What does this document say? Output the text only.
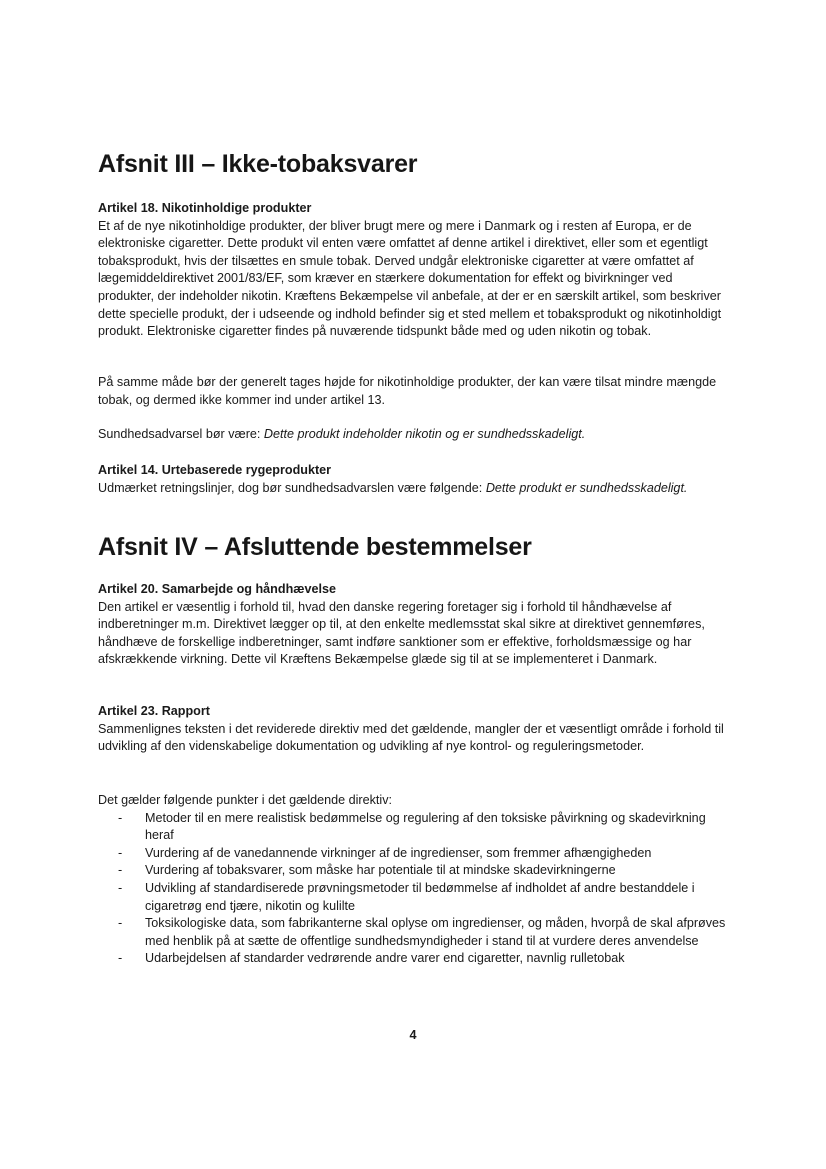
Afsnit III – Ikke-tobaksvarer
Artikel 18. Nikotinholdige produkter

Et af de nye nikotinholdige produkter, der bliver brugt mere og mere i Danmark og i resten af Europa, er de elektroniske cigaretter. Dette produkt vil enten være omfattet af denne artikel i direktivet, eller som et egentligt tobaksprodukt, hvis der tilsættes en smule tobak. Derved undgår elektroniske cigaretter at være omfattet af lægemiddeldirektivet 2001/83/EF, som kræver en stærkere dokumentation for effekt og bivirkninger ved produkter, der indeholder nikotin. Kræftens Bekæmpelse vil anbefale, at der er en særskilt artikel, som beskriver dette specielle produkt, der i udseende og indhold befinder sig et sted mellem et tobaksprodukt og nikotinholdigt produkt. Elektroniske cigaretter findes på nuværende tidspunkt både med og uden nikotin og tobak.

På samme måde bør der generelt tages højde for nikotinholdige produkter, der kan være tilsat mindre mængde tobak, og dermed ikke kommer ind under artikel 13.

Sundhedsadvarsel bør være: Dette produkt indeholder nikotin og er sundhedsskadeligt.

Artikel 14. Urtebaserede rygeprodukter

Udmærket retningslinjer, dog bør sundhedsadvarslen være følgende: Dette produkt er sundhedsskadeligt.

Afsnit IV – Afsluttende bestemmelser
Artikel 20. Samarbejde og håndhævelse

Den artikel er væsentlig i forhold til, hvad den danske regering foretager sig i forhold til håndhævelse af indberetninger m.m. Direktivet lægger op til, at den enkelte medlemsstat skal sikre at direktivet gennemføres, håndhæve de forskellige indberetninger, samt indføre sanktioner som er effektive, forholdsmæssige og har afskrækkende virkning. Dette vil Kræftens Bekæmpelse glæde sig til at se implementeret i Danmark.

Artikel 23. Rapport

Sammenlignes teksten i det reviderede direktiv med det gældende, mangler der et væsentligt område i forhold til udvikling af den videnskabelige dokumentation og udvikling af nye kontrol- og reguleringsmetoder.

Det gælder følgende punkter i det gældende direktiv:

- Metoder til en mere realistisk bedømmelse og regulering af den toksiske påvirkning og skadevirkning heraf
- Vurdering af de vanedannende virkninger af de ingredienser, som fremmer afhængigheden
- Vurdering af tobaksvarer, som måske har potentiale til at mindske skadevirkningerne
- Udvikling af standardiserede prøvningsmetoder til bedømmelse af indholdet af andre bestanddele i cigaretrøg end tjære, nikotin og kulilte
- Toksikologiske data, som fabrikanterne skal oplyse om ingredienser, og måden, hvorpå de skal afprøves med henblik på at sætte de offentlige sundhedsmyndigheder i stand til at vurdere deres anvendelse
- Udarbejdelsen af standarder vedrørende andre varer end cigaretter, navnlig rulletobak
4
